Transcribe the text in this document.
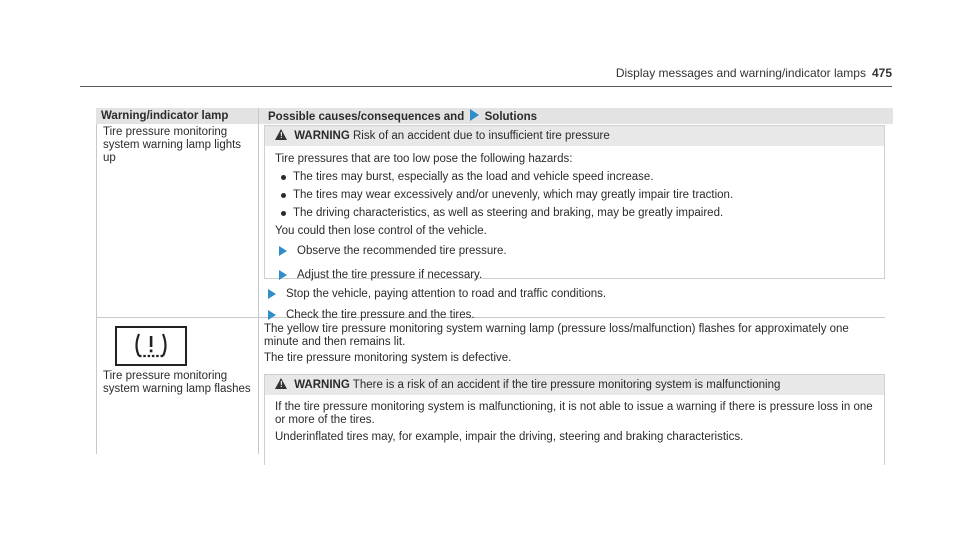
Display messages and warning/indicator lamps 475
Warning/indicator lamp	Possible causes/consequences and Solutions
Tire pressure monitoring system warning lamp lights up
! WARNING Risk of an accident due to insufficient tire pressure

Tire pressures that are too low pose the following hazards:

The tires may burst, especially as the load and vehicle speed increase.
The tires may wear excessively and/or unevenly, which may greatly impair tire traction.
The driving characteristics, as well as steering and braking, may be greatly impaired.

You could then lose control of the vehicle.

Observe the recommended tire pressure.
Adjust the tire pressure if necessary.
Stop the vehicle, paying attention to road and traffic conditions.
Check the tire pressure and the tires.
Tire pressure monitoring system warning lamp flashes
The yellow tire pressure monitoring system warning lamp (pressure loss/malfunction) flashes for approximately one minute and then remains lit.
The tire pressure monitoring system is defective.
! WARNING There is a risk of an accident if the tire pressure monitoring system is malfunctioning

If the tire pressure monitoring system is malfunctioning, it is not able to issue a warning if there is pressure loss in one or more of the tires.

Underinflated tires may, for example, impair the driving, steering and braking characteristics.
